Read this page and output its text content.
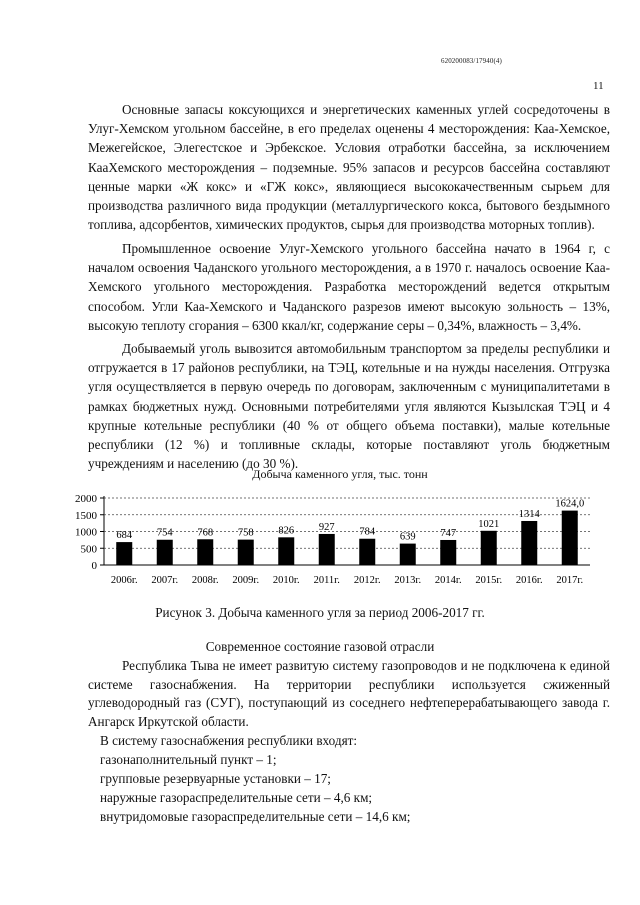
620200083/17940(4)
11

Основные запасы коксующихся и энергетических каменных углей сосредоточены в Улуг-Хемском угольном бассейне, в его пределах оценены 4 месторождения: Каа-Хемское, Межегейское, Элегестское и Эрбекское. Условия отработки бассейна, за исключением КааХемского месторождения – подземные. 95% запасов и ресурсов бассейна составляют ценные марки «Ж кокс» и «ГЖ кокс», являющиеся высококачественным сырьем для производства различного вида продукции (металлургического кокса, бытового бездымного топлива, адсорбентов, химических продуктов, сырья для производства моторных топлив).

Промышленное освоение Улуг-Хемского угольного бассейна начато в 1964 г, с началом освоения Чаданского угольного месторождения, а в 1970 г. началось освоение Каа-Хемского угольного месторождения. Разработка месторождений ведется открытым способом. Угли Каа-Хемского и Чаданского разрезов имеют высокую зольность – 13%, высокую теплоту сгорания – 6300 ккал/кг, содержание серы – 0,34%, влажность – 3,4%.

Добываемый уголь вывозится автомобильным транспортом за пределы республики и отгружается в 17 районов республики, на ТЭЦ, котельные и на нужды населения. Отгрузка угля осуществляется в первую очередь по договорам, заключенным с муниципалитетами в рамках бюджетных нужд. Основными потребителями угля являются Кызылская ТЭЦ и 4 крупные котельные республики (40 % от общего объема поставки), малые котельные республики (12 %) и топливные склады, которые поставляют уголь бюджетным учреждениям и населению (до 30 %).

Добыча каменного угля, тыс. тонн
0
500
1000
1500
2000
684
2006г.
754
2007г.
768
2008г.
758
2009г.
826
2010г.
927
2011г.
784
2012г.
639
2013г.
747
2014г.
1021
2015г.
1314
2016г.
1624,0
2017г.
Рисунок 3. Добыча каменного угля за период 2006-2017 гг.
Современное состояние газовой отрасли

Республика Тыва не имеет развитую систему газопроводов и не подключена к единой системе газоснабжения. На территории республики используется сжиженный углеводородный газ (СУГ), поступающий из соседнего нефтеперерабатывающего завода г. Ангарск Иркутской области.

В систему газоснабжения республики входят:
газонаполнительный пункт – 1;
групповые резервуарные установки – 17;
наружные газораспределительные сети – 4,6 км;
внутридомовые газораспределительные сети – 14,6 км;
